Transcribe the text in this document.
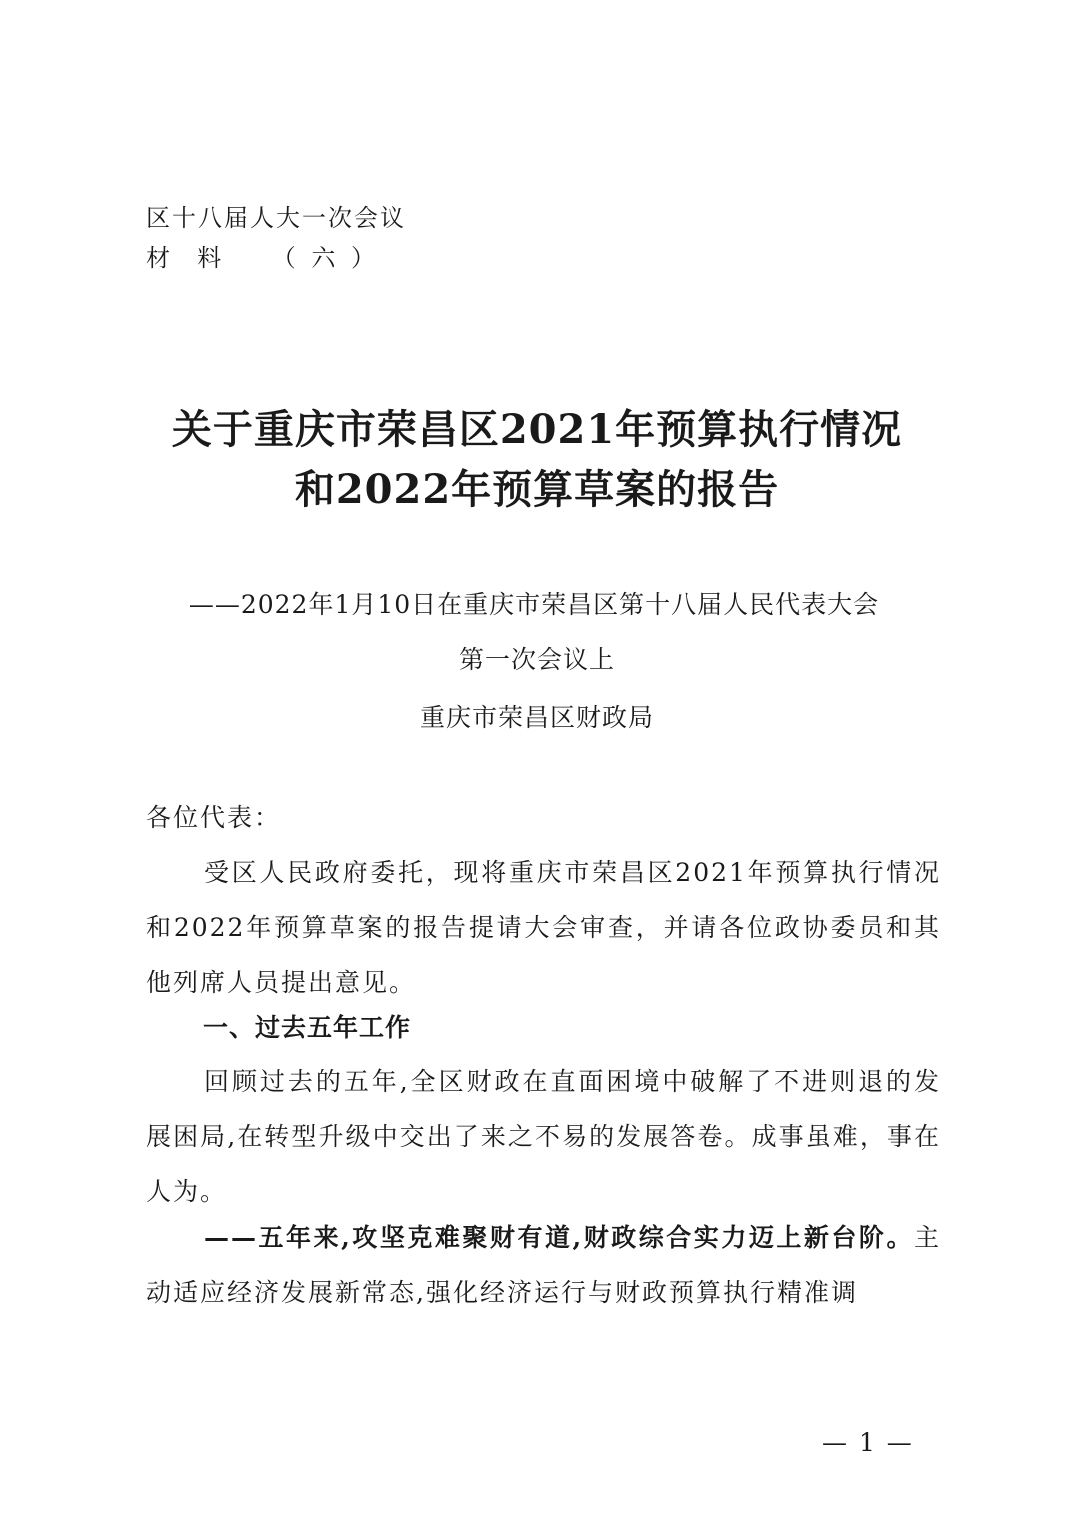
区十八届人大一次会议
材  料    （ 六 ）
关于重庆市荣昌区2021年预算执行情况
和2022年预算草案的报告
——2022年1月10日在重庆市荣昌区第十八届人民代表大会
第一次会议上
重庆市荣昌区财政局
各位代表：
受区人民政府委托，现将重庆市荣昌区2021年预算执行情况和2022年预算草案的报告提请大会审查，并请各位政协委员和其他列席人员提出意见。
一、过去五年工作
回顾过去的五年,全区财政在直面困境中破解了不进则退的发展困局,在转型升级中交出了来之不易的发展答卷。成事虽难，事在人为。
——五年来,攻坚克难聚财有道,财政综合实力迈上新台阶。主动适应经济发展新常态,强化经济运行与财政预算执行精准调
— 1 —
